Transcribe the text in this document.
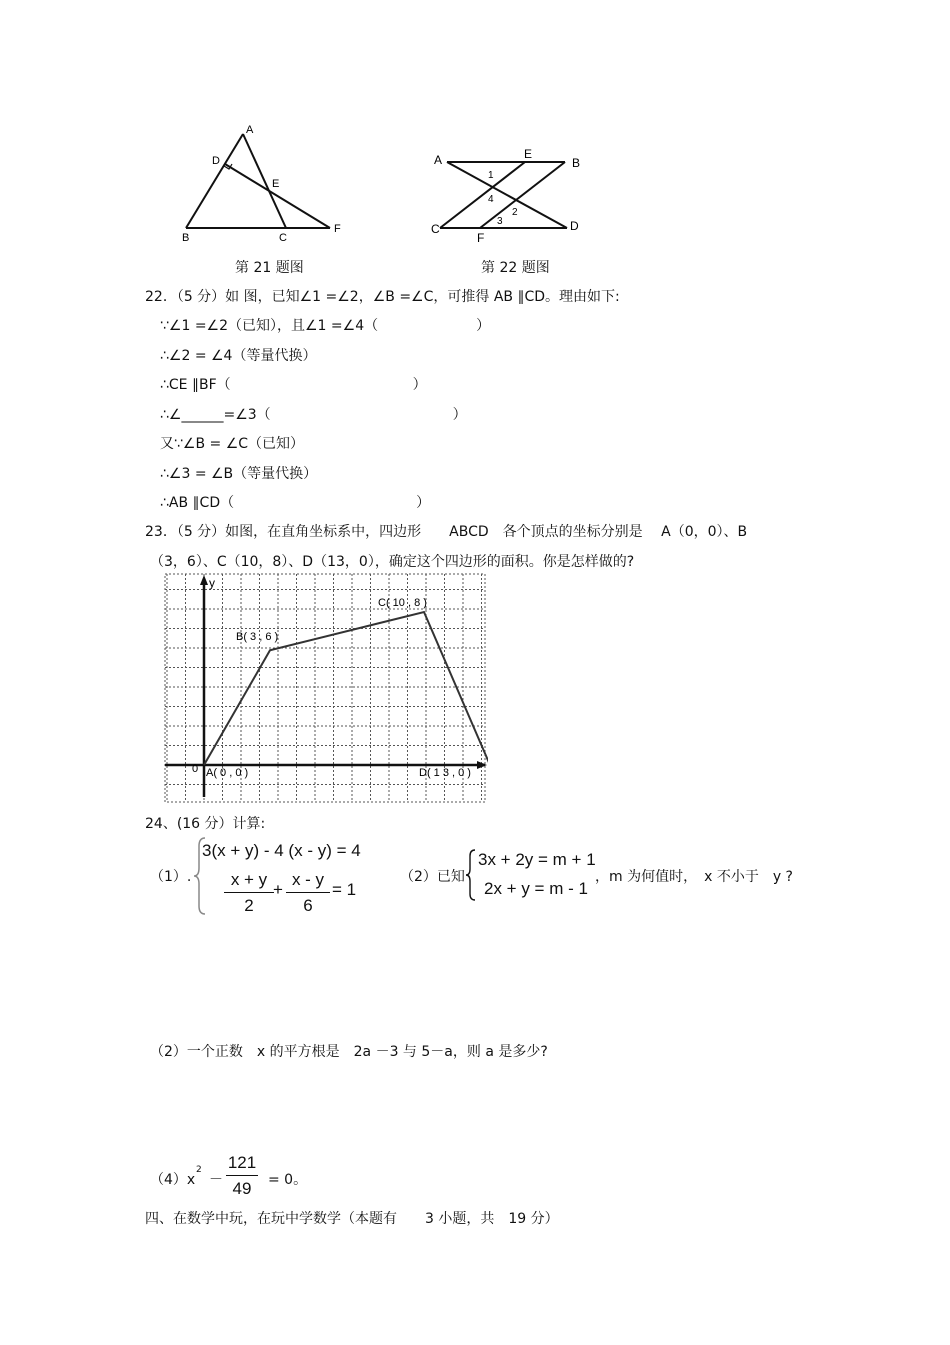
A
D
E
B	C
F
第 21 题图
A	E
B
C
F
D
1
4
2
3
第 22 题图
22．（5 分）如 图，已知∠1 =∠2，∠B =∠C，可推得 AB ∥CD。理由如下:
∵∠1 =∠2（已知），且∠1 =∠4（　　　　　　　）
∴∠2 = ∠4（等量代换）
∴CE ∥BF（　　　　　　　　　　　　　）
∴∠______=∠3（　　　　　　　　　　　　　）
又∵∠B = ∠C（已知）
∴∠3 = ∠B（等量代换）
∴AB ∥CD（　　　　　　　　　　　　　）
23．（5 分）如图，在直角坐标系中，四边形　　ABCD　各个顶点的坐标分别是　 A（0，0）、B
（3，6）、C（10，8）、D（13，0），确定这个四边形的面积。你是怎样做的?
y
0 A( 0 , 0 )
B( 3 , 6 )
C( 10 , 8 )
D( 1 3 , 0 )
24、(16 分）计算:
（1）.
3(x + y) - 4 (x - y) = 4
x + y
2
+
x - y
6
= 1
（2）已知
3x + 2y = m + 1
2x + y = m - 1
，m 为何值时，　x 不小于　y ?
（2）一个正数　x 的平方根是　2a －3 与 5－a，则 a 是多少?
（4）x
2
－ $\frac{121}{49} = 0$。
四、在数学中玩，在玩中学数学（本题有　　3 小题，共　19 分）
